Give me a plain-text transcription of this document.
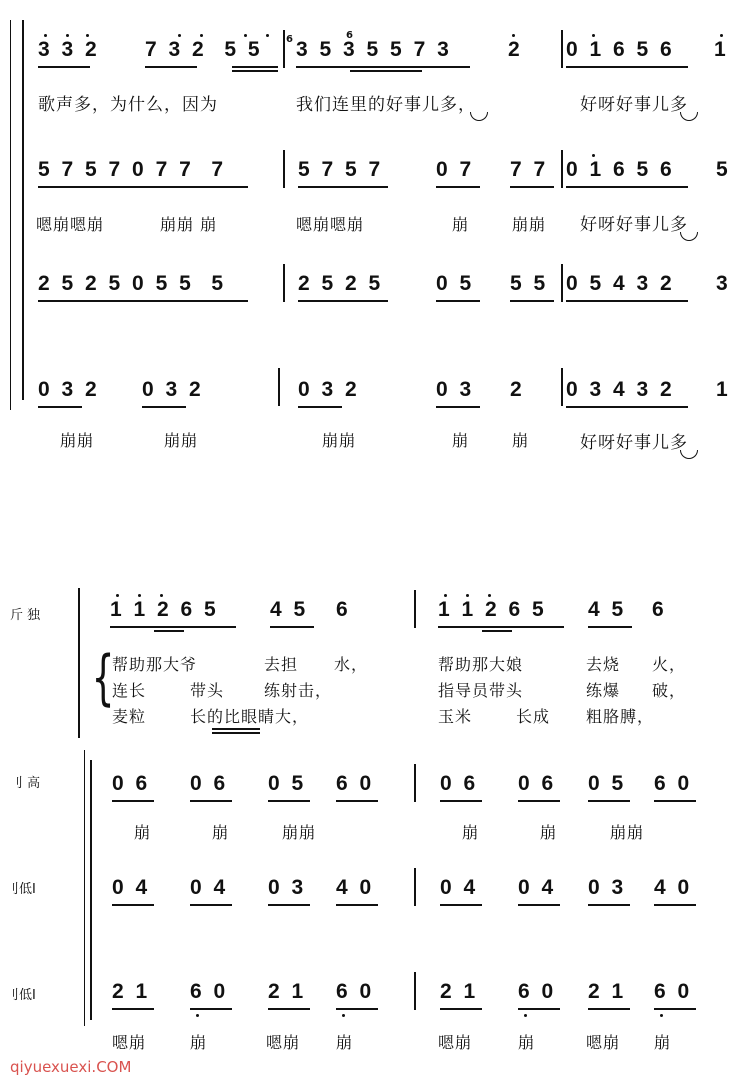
3 3 2 7 3 2  5 5 6	6
3 5 3 5 5 7 3	2 0 1 6 5 6 1
歌声多，为什么，因为	我们连里的好事儿多，	好呀好事儿多
5 7 5 7 0 7 7  7	5 7 5 7	0 7 7 7 0 1 6 5 6 5
嗯崩嗯崩	崩崩 崩	嗯崩嗯崩	崩	崩崩 好呀好事儿多
2 5 2 5 0 5 5  5	2 5 2 5	0 5 5 5 0 5 4 3 2 3
0 3 2 0 3 2	0 3 2	0 3 2 0 3 4 3 2 1
崩崩	崩崩	崩崩	崩	崩	好呀好事儿多
斤 独
刂 高
刂低Ⅰ
刂低Ⅰ
1 1 2 6 5 4 5 6	1 1 2 6 5 4 5 6
{
帮助那大爷	去担 水，	帮助那大娘	去烧 火，
连长	带头 练射击，	指导员带头	练爆 破，
麦粒	长的比眼睛大，	玉米	长成 粗胳膊，
0 6 0 6 0 5 6 0	0 6 0 6 0 5 6 0
崩	崩	崩崩	崩	崩	崩崩
0 4 0 4 0 3 4 0	0 4 0 4 0 3 4 0
2 1 6 0 2 1 6 0	2 1 6 0 2 1 6 0
嗯崩	崩	嗯崩 崩	嗯崩	崩	嗯崩 崩
qiyuexuexi.COM
